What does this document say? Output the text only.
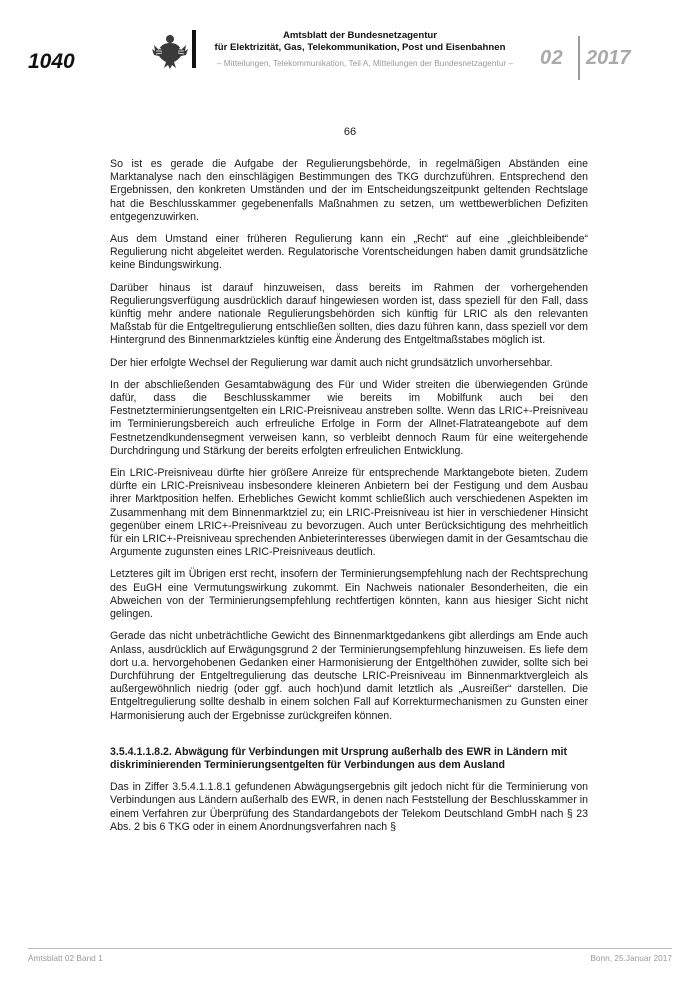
1040
Amtsblatt der Bundesnetzagentur
für Elektrizität, Gas, Telekommunikation, Post und Eisenbahnen
– Mitteilungen, Telekommunikation, Teil A, Mitteilungen der Bundesnetzagentur –	02 2017
66

So ist es gerade die Aufgabe der Regulierungsbehörde, in regelmäßigen Abständen eine Marktanalyse nach den einschlägigen Bestimmungen des TKG durchzuführen. Entsprechend den Ergebnissen, den konkreten Umständen und der im Entscheidungszeitpunkt geltenden Rechtslage hat die Beschlusskammer gegebenenfalls Maßnahmen zu setzen, um wettbewerblichen Defiziten entgegenzuwirken.

Aus dem Umstand einer früheren Regulierung kann ein „Recht“ auf eine „gleichbleibende“ Regulierung nicht abgeleitet werden. Regulatorische Vorentscheidungen haben damit grundsätzliche keine Bindungswirkung.

Darüber hinaus ist darauf hinzuweisen, dass bereits im Rahmen der vorhergehenden Regulierungsverfügung ausdrücklich darauf hingewiesen worden ist, dass speziell für den Fall, dass künftig mehr andere nationale Regulierungsbehörden sich künftig für LRIC als den relevanten Maßstab für die Entgeltregulierung entschließen sollten, dies dazu führen kann, dass speziell vor dem Hintergrund des Binnenmarktzieles künftig eine Änderung des Entgeltmaßstabes möglich ist.

Der hier erfolgte Wechsel der Regulierung war damit auch nicht grundsätzlich unvorhersehbar.

In der abschließenden Gesamtabwägung des Für und Wider streiten die überwiegenden Gründe dafür, dass die Beschlusskammer wie bereits im Mobilfunk auch bei den Festnetzterminierungsentgelten ein LRIC-Preisniveau anstreben sollte. Wenn das LRIC+-Preisniveau im Terminierungsbereich auch erfreuliche Erfolge in Form der Allnet-Flatrateangebote auf dem Festnetzendkundensegment verweisen kann, so verbleibt dennoch Raum für eine weitergehende Durchdringung und Stärkung der bereits erfolgten erfreulichen Entwicklung.

Ein LRIC-Preisniveau dürfte hier größere Anreize für entsprechende Marktangebote bieten. Zudem dürfte ein LRIC-Preisniveau insbesondere kleineren Anbietern bei der Festigung und dem Ausbau ihrer Marktposition helfen. Erhebliches Gewicht kommt schließlich auch verschiedenen Aspekten im Zusammenhang mit dem Binnenmarktziel zu; ein LRIC-Preisniveau ist hier in verschiedener Hinsicht gegenüber einem LRIC+-Preisniveau zu bevorzugen. Auch unter Berücksichtigung des mehrheitlich für ein LRIC+-Preisniveau sprechenden Anbieterinteresses überwiegen damit in der Gesamtschau die Argumente zugunsten eines LRIC-Preisniveaus deutlich.

Letzteres gilt im Übrigen erst recht, insofern der Terminierungsempfehlung nach der Rechtsprechung des EuGH eine Vermutungswirkung zukommt. Ein Nachweis nationaler Besonderheiten, die ein Abweichen von der Terminierungsempfehlung rechtfertigen könnten, kann aus hiesiger Sicht nicht gelingen.

Gerade das nicht unbeträchtliche Gewicht des Binnenmarktgedankens gibt allerdings am Ende auch Anlass, ausdrücklich auf Erwägungsgrund 2 der Terminierungsempfehlung hinzuweisen. Es liefe dem dort u.a. hervorgehobenen Gedanken einer Harmonisierung der Entgelthöhen zuwider, sollte sich bei Durchführung der Entgeltregulierung das deutsche LRIC-Preisniveau im Binnenmarktvergleich als außergewöhnlich niedrig (oder ggf. auch hoch)und damit letztlich als „Ausreißer“ darstellen. Die Entgeltregulierung sollte deshalb in einem solchen Fall auf Korrekturmechanismen zu Gunsten einer Harmonisierung auch der Ergebnisse zurückgreifen können.

3.5.4.1.1.8.2. Abwägung für Verbindungen mit Ursprung außerhalb des EWR in Ländern mit diskriminierenden Terminierungsentgelten für Verbindungen aus dem Ausland

Das in Ziffer 3.5.4.1.1.8.1 gefundenen Abwägungsergebnis gilt jedoch nicht für die Terminierung von Verbindungen aus Ländern außerhalb des EWR, in denen nach Feststellung der Beschlusskammer in einem Verfahren zur Überprüfung des Standardangebots der Telekom Deutschland GmbH nach § 23 Abs. 2 bis 6 TKG oder in einem Anordnungsverfahren nach §

Amtsblatt 02 Band 1	Bonn, 25.Januar 2017
